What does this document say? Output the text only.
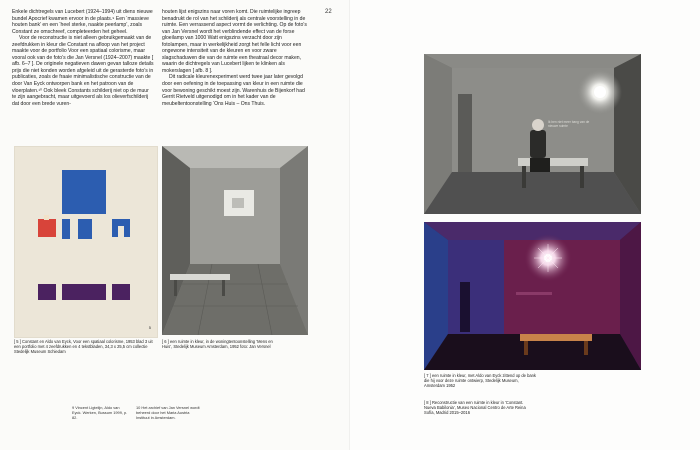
Enkele dichtregels van Lucebert (1924–1994) uit diens nieuwe bundel Apocrief kwamen ervoor in de plaats.⁹ Een ‘massieve houten bank’ en een ‘heel sterke, naakte peerlamp’, zoals Constant ze omschreef, completeerden het geheel.

Voor de reconstructie is niet alleen gebruikgemaakt van de zeefdrukken in kleur die Constant na afloop van het project maakte voor de portfolio Voor een spatiaal colorisme, maar vooral ook van de foto’s die Jan Versnel (1924–2007) maakte [ afb. 6–7 ]. De originele negatieven dawen gevan talloze details prijs die niet konden worden afgeleid uit de gerasterde foto’s in publicaties, zoals de fraaie minimalistische constructie van de door Van Eyck ontworpen bank en het patroon van de vloerplaten.¹⁰ Ook bleek Constants schilderij niet op de muur te zijn aangebracht, maar uitgevoerd als los olieverfschilderij dat door een brede vuren-

houten lijst enigszins naar voren komt. Die ruimtelijke ingreep benadrukt de rol van het schilderij als centrale voorstelling in de ruimte. Een verrassend aspect vormt de verlichting. Op de foto’s van Jan Versnel wordt het verblindende effect van de forse gloeilamp van 1000 Watt enigszins verzacht door zijn fotolampen, maar in werkelijkheid zorgt het felle licht voor een ongewone intensiteit van de kleuren en voor zware slagschaduwen die van de ruimte een theatraal decor maken, waarin de dichtregels van Lucebert lijken te klinken als mokerslagen [ afb. 8 ].

Dit radicale kleurenexperiment werd twee jaar later gevolgd door een oefening in de toepassing van kleur in een ruimte die voor bewoning geschikt moest zijn. Warenhuis de Bijenkorf had Gerrit Rietveld uitgenodigd om in het kader van de meubeltentoonstelling ‘Ons Huis – Ons Thuis.

22
5

[ 5 ] Constant en Aldo van Eyck, Voor een spatiaal colorisme, 1953 blad 3 uit een portfolio met 4 zeefdrukken en 4 tekstbladen, 34,3 x 25,5 cm collectie Stedelijk Museum Schiedam

[ 6 ] een ruimte in kleur, in de woningtentoonstelling ‘Mens en Huis’, Stedelijk Museum Amsterdam, 1952 foto: Jan Versnel

9 Vincent Ligtelijn, Aldo van Eyck. Werken, Bussum 1999, p. 82.

10 Het archief van Jan Versnel wordt beheerd door het Maria Austria Instituut in Amsterdam.

Ik ben niet meer bang van de nieuwe ruimte

[ 7 ] een ruimte in kleur, met Aldo van Eyck zittend op de bank die hij voor deze ruimte ontwierp, Stedelijk Museum, Amsterdam 1952

[ 8 ] Reconstructie van een ruimte in kleur in ‘Constant. Nueva Babilonia’, Museo Nacional Centro de Arte Reina Sofía, Madrid 2015–2016
